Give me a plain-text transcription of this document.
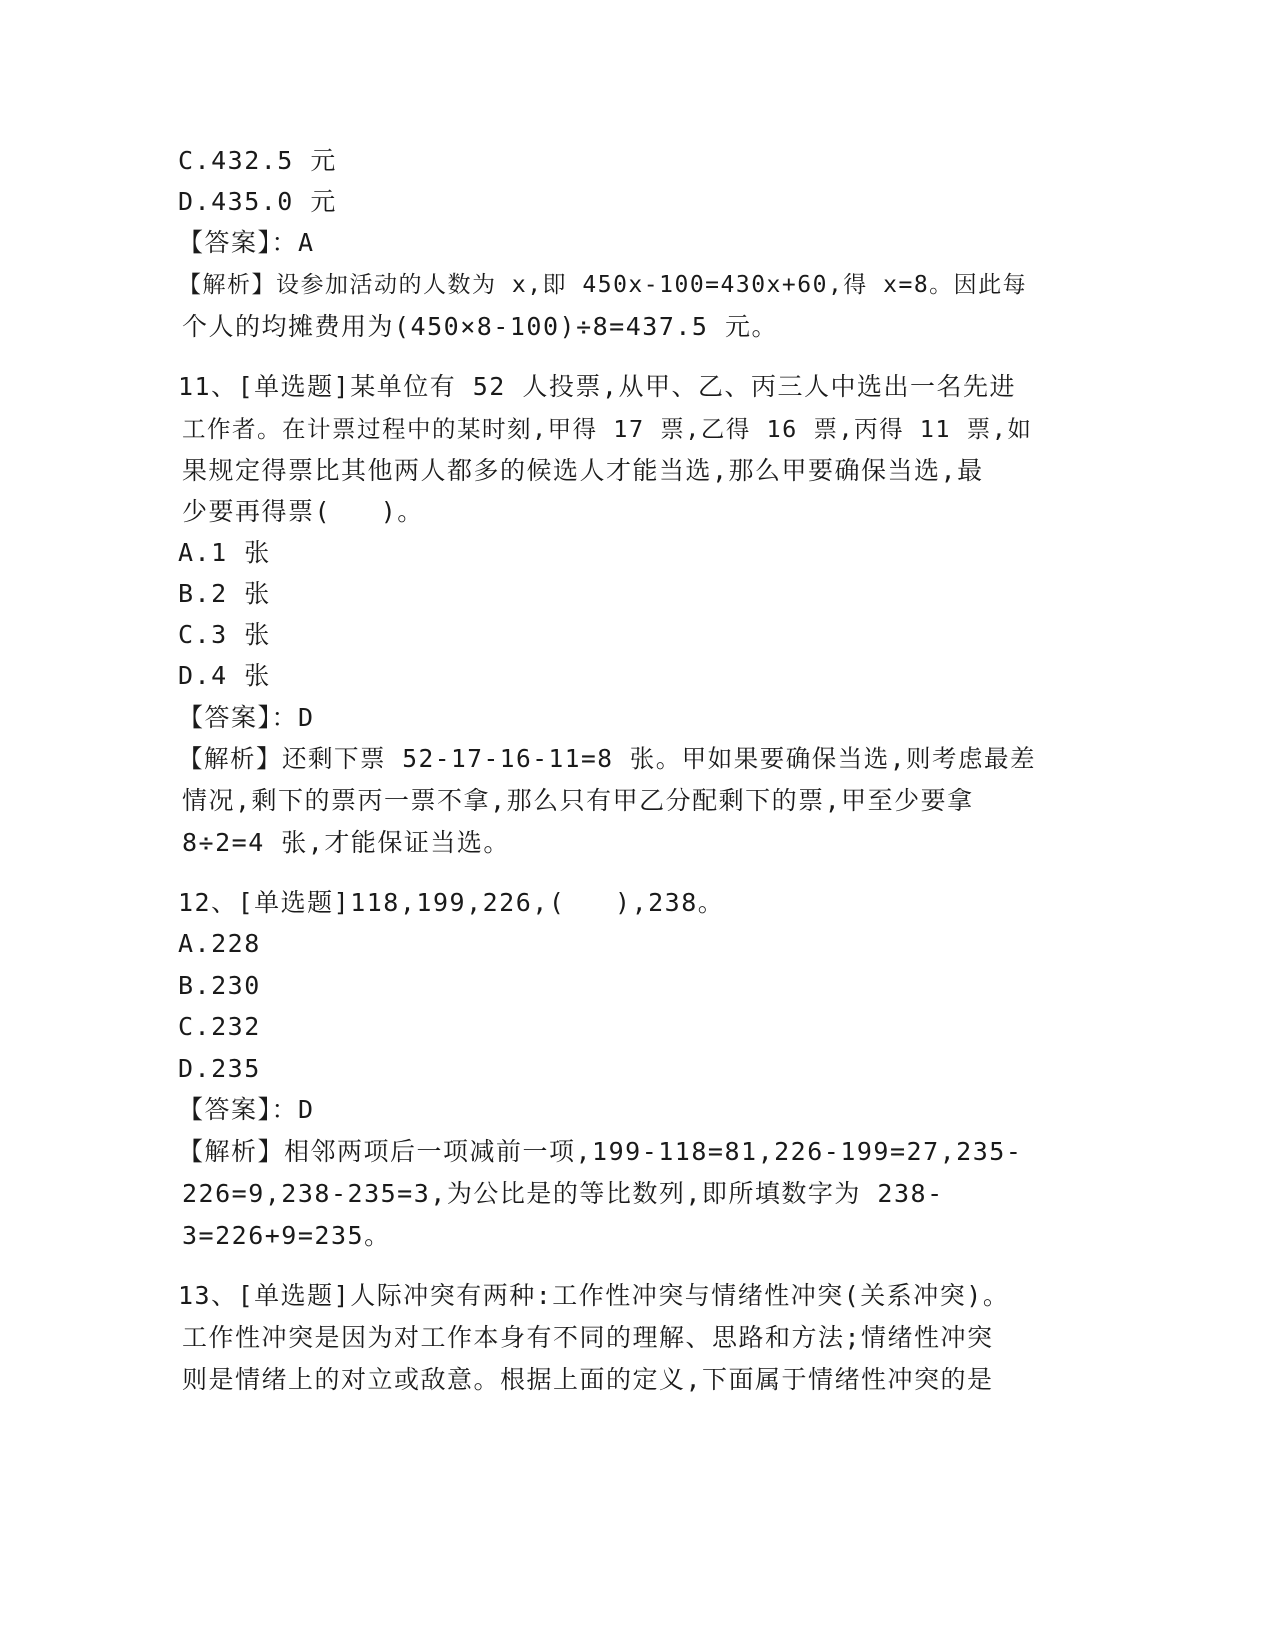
C.432.5 元
D.435.0 元
【答案】：A
【解析】设参加活动的人数为 x,即 450x-100=430x+60,得 x=8。因此每
个人的均摊费用为(450×8-100)÷8=437.5 元。
11、[单选题]某单位有 52 人投票,从甲、乙、丙三人中选出一名先进
工作者。在计票过程中的某时刻,甲得 17 票,乙得 16 票,丙得 11 票,如
果规定得票比其他两人都多的候选人才能当选,那么甲要确保当选,最
少要再得票(   )。
A.1 张
B.2 张
C.3 张
D.4 张
【答案】：D
【解析】还剩下票 52-17-16-11=8 张。甲如果要确保当选,则考虑最差
情况,剩下的票丙一票不拿,那么只有甲乙分配剩下的票,甲至少要拿
8÷2=4 张,才能保证当选。
12、[单选题]118,199,226,(   ),238。
A.228
B.230
C.232
D.235
【答案】：D
【解析】相邻两项后一项减前一项,199-118=81,226-199=27,235-
226=9,238-235=3,为公比是的等比数列,即所填数字为 238-
3=226+9=235。
13、[单选题]人际冲突有两种:工作性冲突与情绪性冲突(关系冲突)。
工作性冲突是因为对工作本身有不同的理解、思路和方法;情绪性冲突
则是情绪上的对立或敌意。根据上面的定义,下面属于情绪性冲突的是
